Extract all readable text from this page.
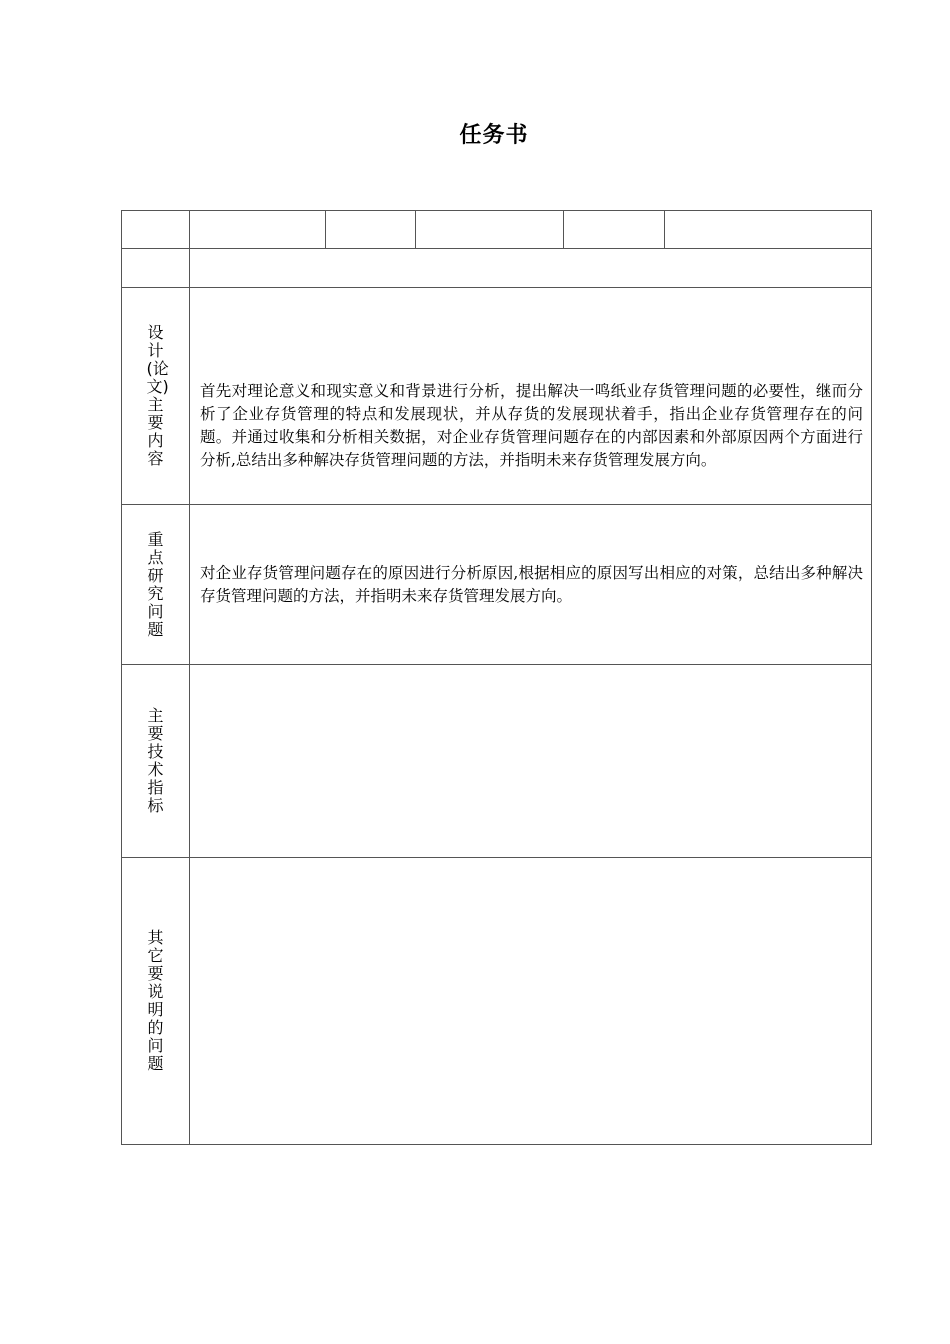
任务书

设计(论文)主要内容	首先对理论意义和现实意义和背景进行分析，提出解决一鸣纸业存货管理问题的必要性，继而分析了企业存货管理的特点和发展现状，并从存货的发展现状着手，指出企业存货管理存在的问题。并通过收集和分析相关数据，对企业存货管理问题存在的内部因素和外部原因两个方面进行分析,总结出多种解决存货管理问题的方法，并指明未来存货管理发展方向。				

重点研究问题	对企业存货管理问题存在的原因进行分析原因,根据相应的原因写出相应的对策，总结出多种解决存货管理问题的方法，并指明未来存货管理发展方向。				

主要技术指标					

其它要说明的问题					
